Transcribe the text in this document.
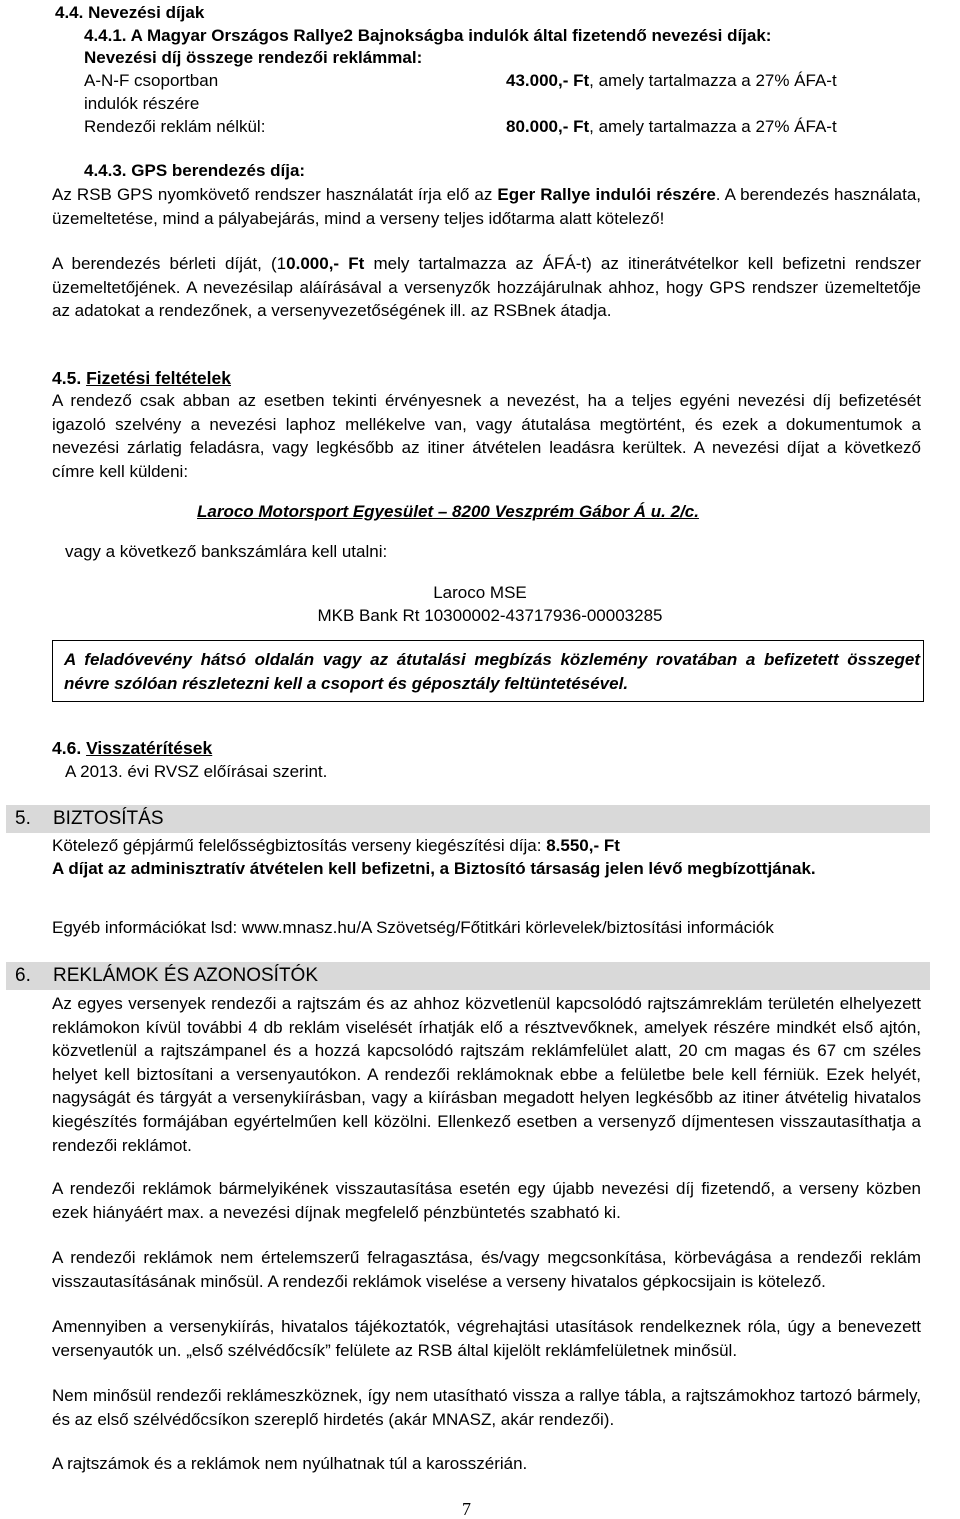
4.4. Nevezési díjak

4.4.1. A Magyar Országos Rallye2 Bajnokságba indulók által fizetendő nevezési díjak:

Nevezési díj összege rendezői reklámmal:

A-N-F csoportban	43.000,- Ft, amely tartalmazza a 27% ÁFA-t

indulók részére

Rendezői reklám nélkül:	80.000,- Ft, amely tartalmazza a 27% ÁFA-t

4.4.3. GPS berendezés díja:

Az RSB GPS nyomkövető rendszer használatát írja elő az Eger Rallye indulói részére. A berendezés használata, üzemeltetése, mind a pályabejárás, mind a verseny teljes időtarma alatt kötelező!

A berendezés bérleti díját, (10.000,- Ft mely tartalmazza az ÁFÁ-t) az itinerátvételkor kell befizetni rendszer üzemeltetőjének. A nevezésilap aláírásával a versenyzők hozzájárulnak ahhoz, hogy GPS rendszer üzemeltetője az adatokat a rendezőnek, a versenyvezetőségének ill. az RSBnek átadja.

4.5. Fizetési feltételek

A rendező csak abban az esetben tekinti érvényesnek a nevezést, ha a teljes egyéni nevezési díj befizetését igazoló szelvény a nevezési laphoz mellékelve van, vagy átutalása megtörtént, és ezek a dokumentumok a nevezési zárlatig feladásra, vagy legkésőbb az itiner átvételen leadásra kerültek. A nevezési díjat a következő címre kell küldeni:

Laroco Motorsport Egyesület – 8200 Veszprém Gábor Á u. 2/c.

vagy a következő bankszámlára kell utalni:

Laroco MSE

MKB Bank Rt 10300002-43717936-00003285

A feladóvevény hátsó oldalán vagy az átutalási megbízás közlemény rovatában a befizetett összeget névre szólóan részletezni kell a csoport és géposztály feltüntetésével.

4.6. Visszatérítések

A 2013. évi RVSZ előírásai szerint.

5. BIZTOSÍTÁS

Kötelező gépjármű felelősségbiztosítás verseny kiegészítési díja: 8.550,- Ft

A díjat az adminisztratív átvételen kell befizetni, a Biztosító társaság jelen lévő megbízottjának.

Egyéb információkat lsd: www.mnasz.hu/A Szövetség/Főtitkári körlevelek/biztosítási információk

6. REKLÁMOK ÉS AZONOSÍTÓK

Az egyes versenyek rendezői a rajtszám és az ahhoz közvetlenül kapcsolódó rajtszámreklám területén elhelyezett reklámokon kívül további 4 db reklám viselését írhatják elő a résztvevőknek, amelyek részére mindkét első ajtón, közvetlenül a rajtszámpanel és a hozzá kapcsolódó rajtszám reklámfelület alatt, 20 cm magas és 67 cm széles helyet kell biztosítani a versenyautókon. A rendezői reklámoknak ebbe a felületbe bele kell férniük. Ezek helyét, nagyságát és tárgyát a versenykiírásban, vagy a kiírásban megadott helyen legkésőbb az itiner átvételig hivatalos kiegészítés formájában egyértelműen kell közölni. Ellenkező esetben a versenyző díjmentesen visszautasíthatja a rendezői reklámot.

A rendezői reklámok bármelyikének visszautasítása esetén egy újabb nevezési díj fizetendő, a verseny közben ezek hiányáért max. a nevezési díjnak megfelelő pénzbüntetés szabható ki.

A rendezői reklámok nem értelemszerű felragasztása, és/vagy megcsonkítása, körbevágása a rendezői reklám visszautasításának minősül. A rendezői reklámok viselése a verseny hivatalos gépkocsijain is kötelező.

Amennyiben a versenykiírás, hivatalos tájékoztatók, végrehajtási utasítások rendelkeznek róla, úgy a benevezett versenyautók un. „első szélvédőcsík” felülete az RSB által kijelölt reklámfelületnek minősül.

Nem minősül rendezői reklámeszköznek, így nem utasítható vissza a rallye tábla, a rajtszámokhoz tartozó bármely, és az első szélvédőcsíkon szereplő hirdetés (akár MNASZ, akár rendezői).

A rajtszámok és a reklámok nem nyúlhatnak túl a karosszérián.

7
